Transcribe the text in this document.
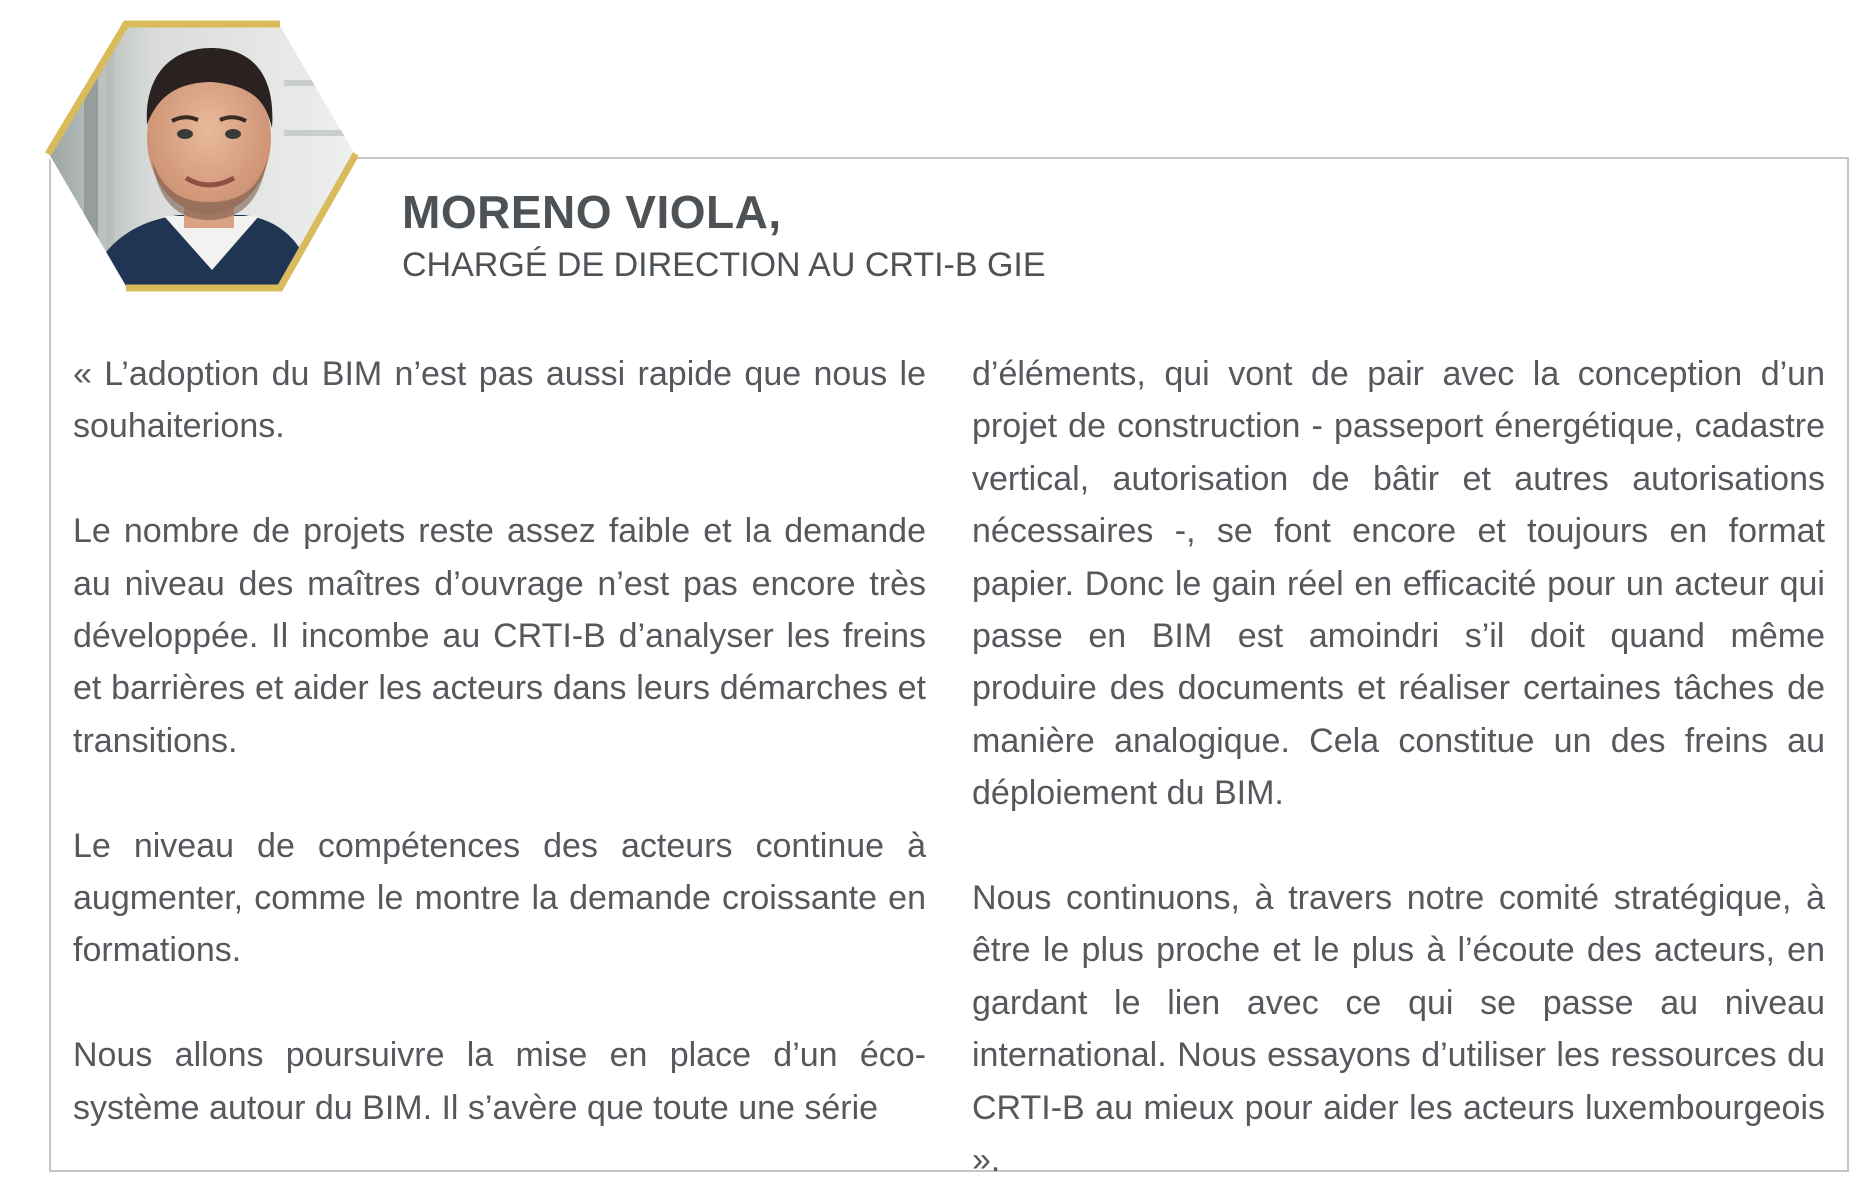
MORENO VIOLA,
CHARGÉ DE DIRECTION AU CRTI-B GIE

« L’adoption du BIM n’est pas aussi rapide que nous le souhaiterions.

Le nombre de projets reste assez faible et la demande au niveau des maîtres d’ouvrage n’est pas encore très développée. Il incombe au CRTI-B d’analyser les freins et barrières et aider les acteurs dans leurs démarches et transitions.

Le niveau de compétences des acteurs continue à augmenter, comme le montre la demande croissante en formations.

Nous allons poursuivre la mise en place d’un écosystème autour du BIM. Il s’avère que toute une série

d’éléments, qui vont de pair avec la conception d’un projet de construction - passeport énergétique, cadastre vertical, autorisation de bâtir et autres autorisations nécessaires -, se font encore et toujours en format papier. Donc le gain réel en efficacité pour un acteur qui passe en BIM est amoindri s’il doit quand même produire des documents et réaliser certaines tâches de manière analogique. Cela constitue un des freins au déploiement du BIM.

Nous continuons, à travers notre comité stratégique, à être le plus proche et le plus à l’écoute des acteurs, en gardant le lien avec ce qui se passe au niveau international. Nous essayons d’utiliser les ressources du CRTI-B au mieux pour aider les acteurs luxembourgeois ».
